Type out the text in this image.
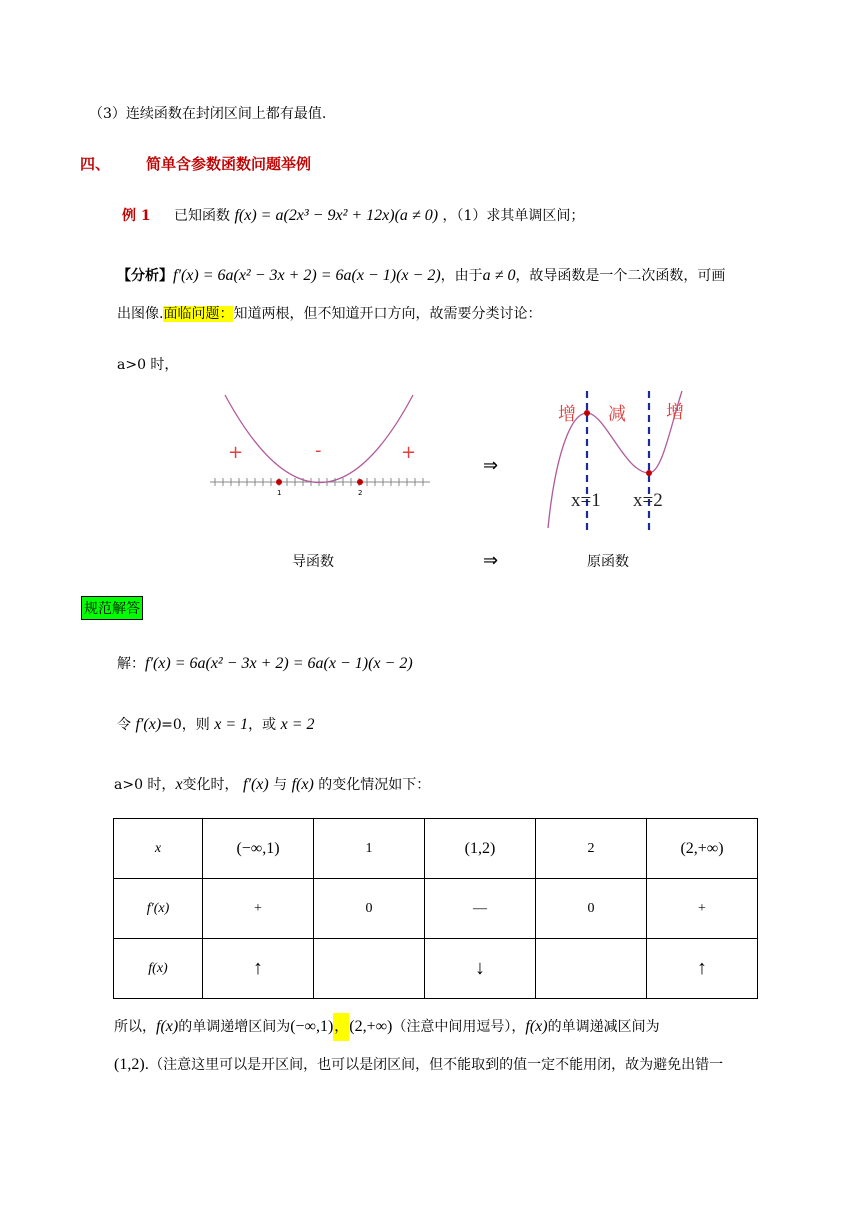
（3）连续函数在封闭区间上都有最值.
四、 简单含参数函数问题举例
例 1 已知函数 f(x) = a(2x³ − 9x² + 12x)(a ≠ 0) ，（1）求其单调区间；
【分析】f′(x) = 6a(x² − 3x + 2) = 6a(x − 1)(x − 2)，由于a ≠ 0，故导函数是一个二次函数，可画
出图像.面临问题：知道两根，但不知道开口方向，故需要分类讨论：
a>0 时，
1	2
+	-	+
⇒
增 减 增
x=1 x=2
导函数	⇒	原函数
规范解答
解：f′(x) = 6a(x² − 3x + 2) = 6a(x − 1)(x − 2)
令 f′(x)=0，则 x = 1，或 x = 2
a>0 时，x变化时， f′(x) 与 f(x) 的变化情况如下：
x	(−∞,1)	1	(1,2)	2	(2,+∞)
f′(x)	+	0	—	0	+
f(x)	↑		↓		↑
所以，f(x)的单调递增区间为(−∞,1)，(2,+∞)（注意中间用逗号），f(x)的单调递减区间为
(1,2).（注意这里可以是开区间，也可以是闭区间，但不能取到的值一定不能用闭，故为避免出错一
